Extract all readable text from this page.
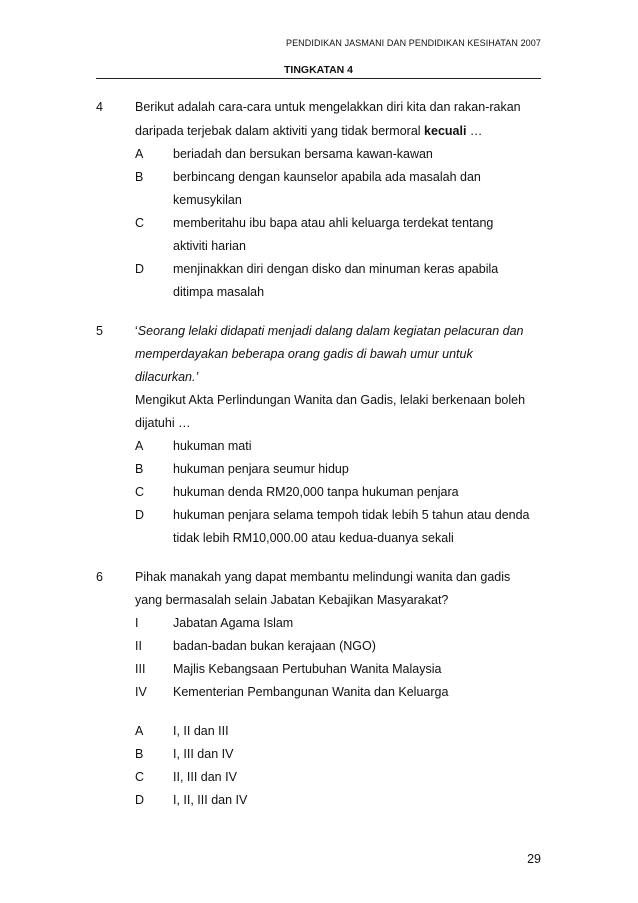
PENDIDIKAN JASMANI DAN PENDIDIKAN KESIHATAN 2007
TINGKATAN 4
4	Berikut adalah cara-cara untuk mengelakkan diri kita dan rakan-rakan
daripada terjebak dalam aktiviti yang tidak bermoral kecuali …
A beriadah dan bersukan bersama kawan-kawan
B berbincang dengan kaunselor apabila ada masalah dan
kemusykilan
C memberitahu ibu bapa atau ahli keluarga terdekat tentang
aktiviti harian
D menjinakkan diri dengan disko dan minuman keras apabila
ditimpa masalah
5	‘Seorang lelaki didapati menjadi dalang dalam kegiatan pelacuran dan
memperdayakan beberapa orang gadis di bawah umur untuk
dilacurkan.’
Mengikut Akta Perlindungan Wanita dan Gadis, lelaki berkenaan boleh
dijatuhi …
A hukuman mati
B hukuman penjara seumur hidup
C hukuman denda RM20,000 tanpa hukuman penjara
D hukuman penjara selama tempoh tidak lebih 5 tahun atau denda
tidak lebih RM10,000.00 atau kedua-duanya sekali
6	Pihak manakah yang dapat membantu melindungi wanita dan gadis
yang bermasalah selain Jabatan Kebajikan Masyarakat?
I	Jabatan Agama Islam
II badan-badan bukan kerajaan (NGO)
III Majlis Kebangsaan Pertubuhan Wanita Malaysia
IV Kementerian Pembangunan Wanita dan Keluarga
A I, II dan III
B I, III dan IV
C II, III dan IV
D I, II, III dan IV
29
